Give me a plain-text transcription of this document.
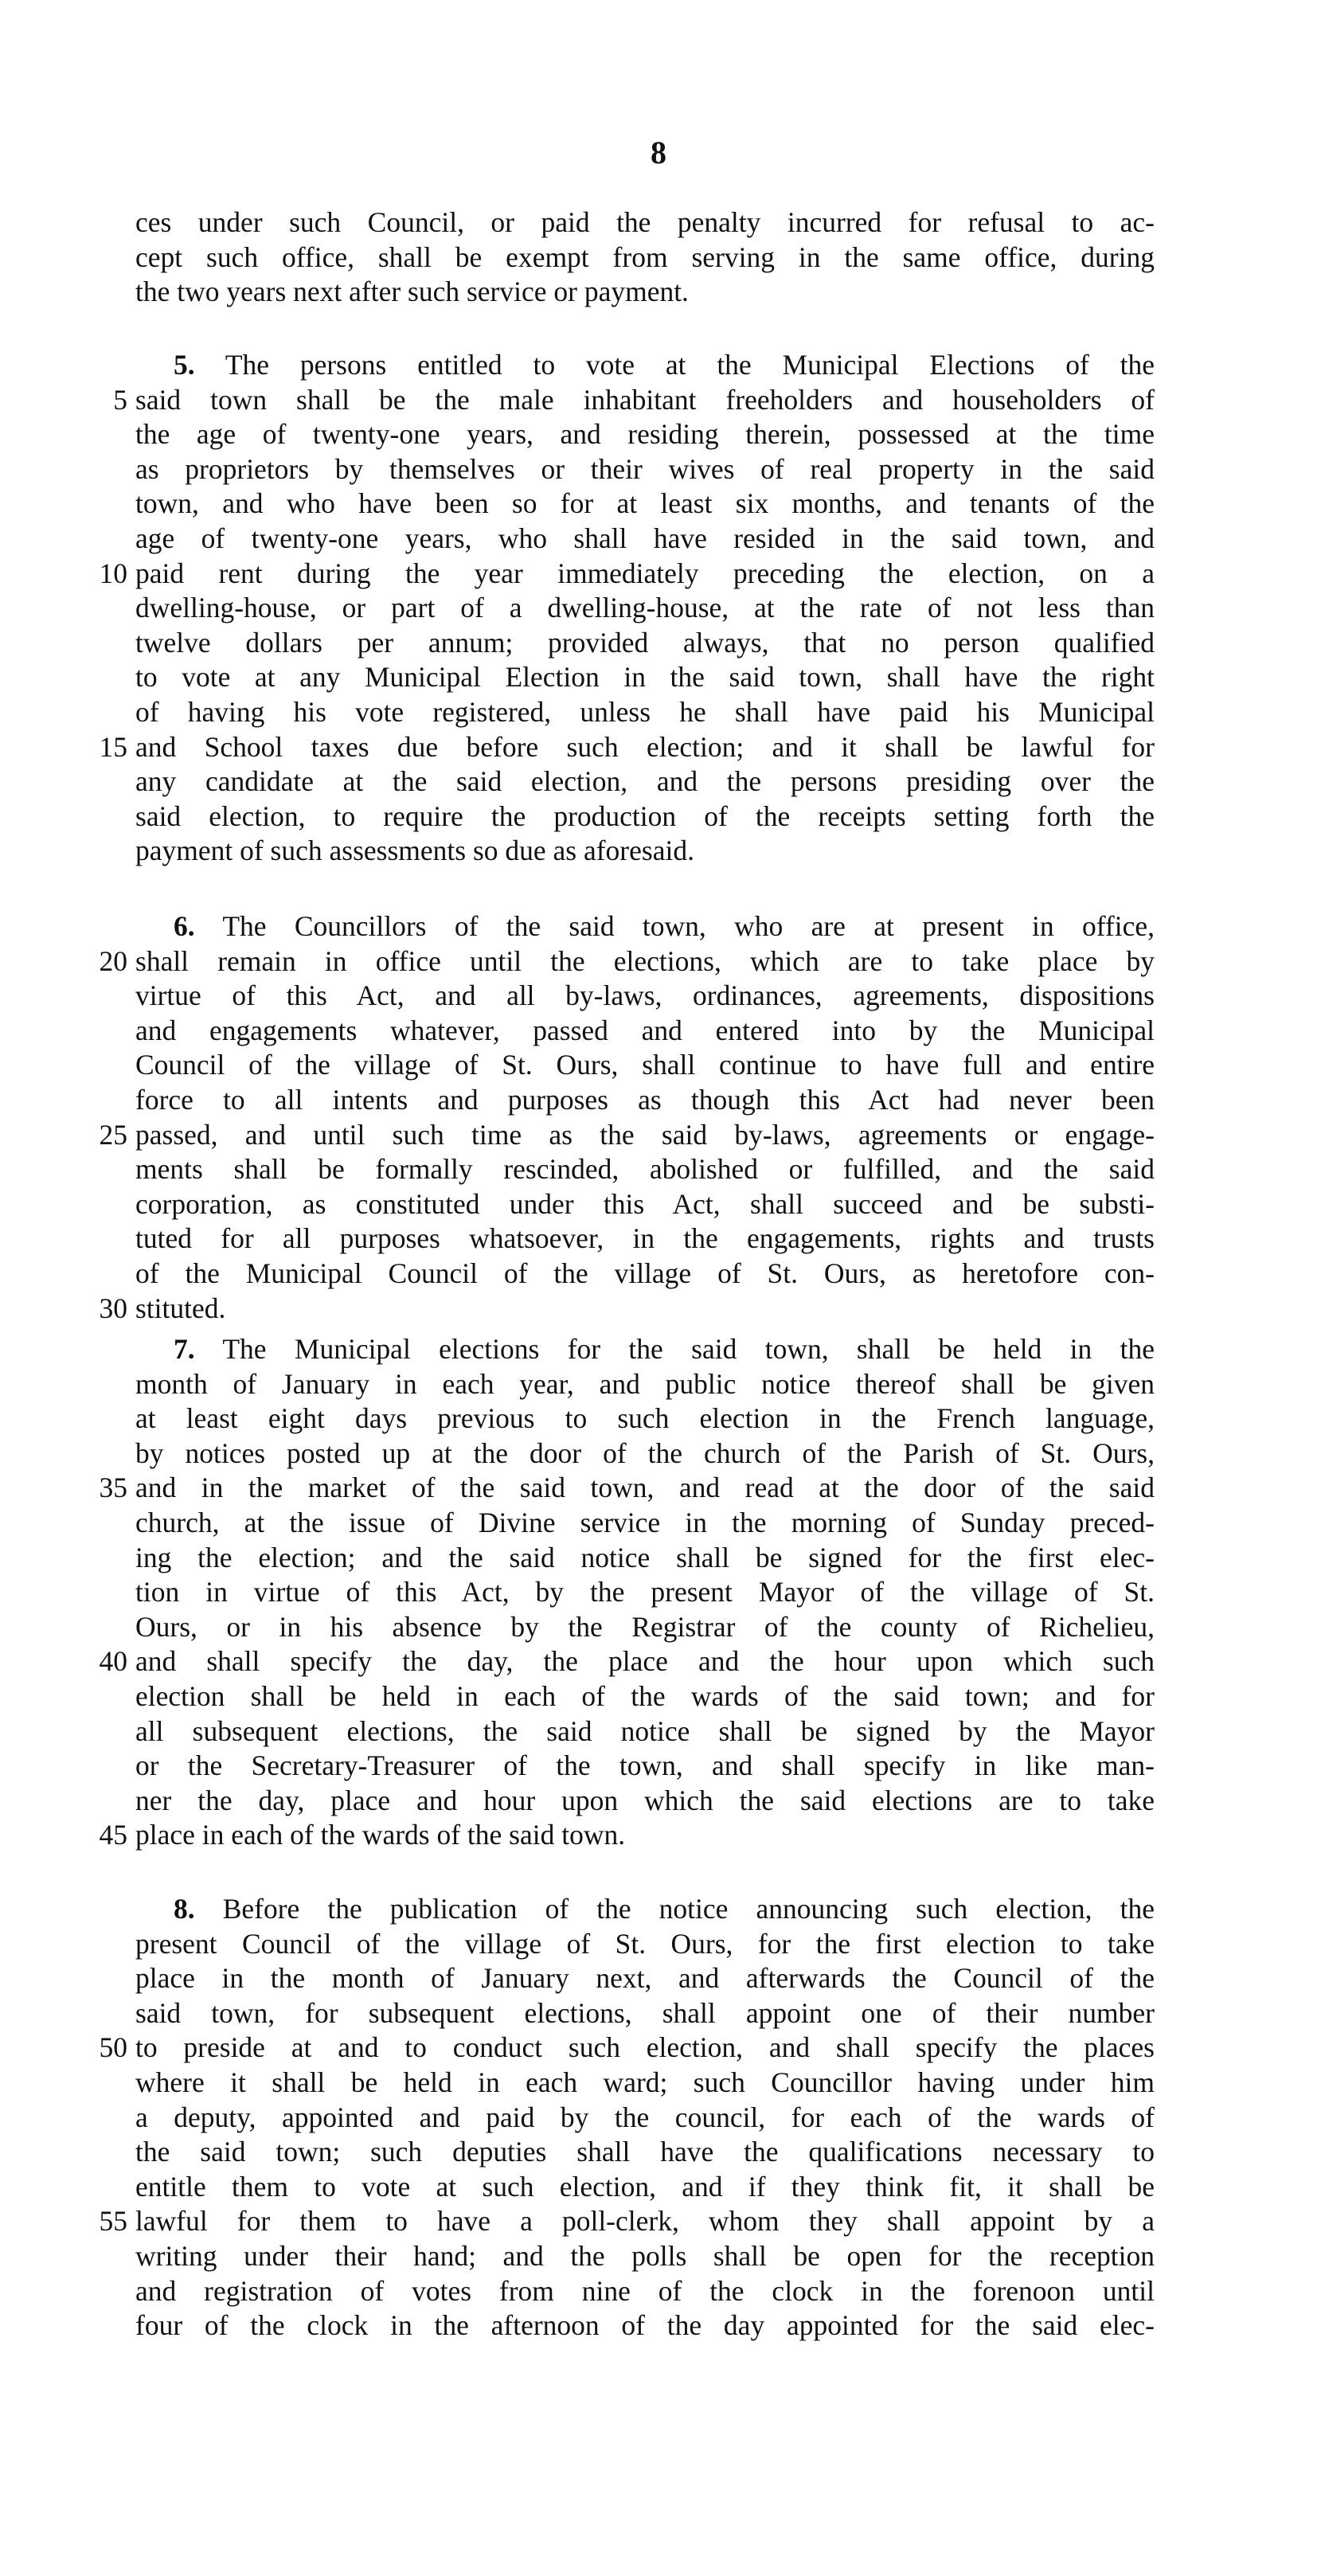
8
ces under such Council, or paid the penalty incurred for refusal to ac-
cept such office, shall be exempt from serving in the same office, during
the two years next after such service or payment.
5. The persons entitled to vote at the Municipal Elections of the
5 said town shall be the male inhabitant freeholders and householders of
the age of twenty-one years, and residing therein, possessed at the time
as proprietors by themselves or their wives of real property in the said
town, and who have been so for at least six months, and tenants of the
age of twenty-one years, who shall have resided in the said town, and
10 paid rent during the year immediately preceding the election, on a
dwelling-house, or part of a dwelling-house, at the rate of not less than
twelve dollars per annum; provided always, that no person qualified
to vote at any Municipal Election in the said town, shall have the right
of having his vote registered, unless he shall have paid his Municipal
15 and School taxes due before such election; and it shall be lawful for
any candidate at the said election, and the persons presiding over the
said election, to require the production of the receipts setting forth the
payment of such assessments so due as aforesaid.
6. The Councillors of the said town, who are at present in office,
20 shall remain in office until the elections, which are to take place by
virtue of this Act, and all by-laws, ordinances, agreements, dispositions
and engagements whatever, passed and entered into by the Municipal
Council of the village of St. Ours, shall continue to have full and entire
force to all intents and purposes as though this Act had never been
25 passed, and until such time as the said by-laws, agreements or engage-
ments shall be formally rescinded, abolished or fulfilled, and the said
corporation, as constituted under this Act, shall succeed and be substi-
tuted for all purposes whatsoever, in the engagements, rights and trusts
of the Municipal Council of the village of St. Ours, as heretofore con-
30 stituted.
7. The Municipal elections for the said town, shall be held in the
month of January in each year, and public notice thereof shall be given
at least eight days previous to such election in the French language,
by notices posted up at the door of the church of the Parish of St. Ours,
35 and in the market of the said town, and read at the door of the said
church, at the issue of Divine service in the morning of Sunday preced-
ing the election; and the said notice shall be signed for the first elec-
tion in virtue of this Act, by the present Mayor of the village of St.
Ours, or in his absence by the Registrar of the county of Richelieu,
40 and shall specify the day, the place and the hour upon which such
election shall be held in each of the wards of the said town; and for
all subsequent elections, the said notice shall be signed by the Mayor
or the Secretary-Treasurer of the town, and shall specify in like man-
ner the day, place and hour upon which the said elections are to take
45 place in each of the wards of the said town.
8. Before the publication of the notice announcing such election, the
present Council of the village of St. Ours, for the first election to take
place in the month of January next, and afterwards the Council of the
said town, for subsequent elections, shall appoint one of their number
50 to preside at and to conduct such election, and shall specify the places
where it shall be held in each ward; such Councillor having under him
a deputy, appointed and paid by the council, for each of the wards of
the said town; such deputies shall have the qualifications necessary to
entitle them to vote at such election, and if they think fit, it shall be
55 lawful for them to have a poll-clerk, whom they shall appoint by a
writing under their hand; and the polls shall be open for the reception
and registration of votes from nine of the clock in the forenoon until
four of the clock in the afternoon of the day appointed for the said elec-
